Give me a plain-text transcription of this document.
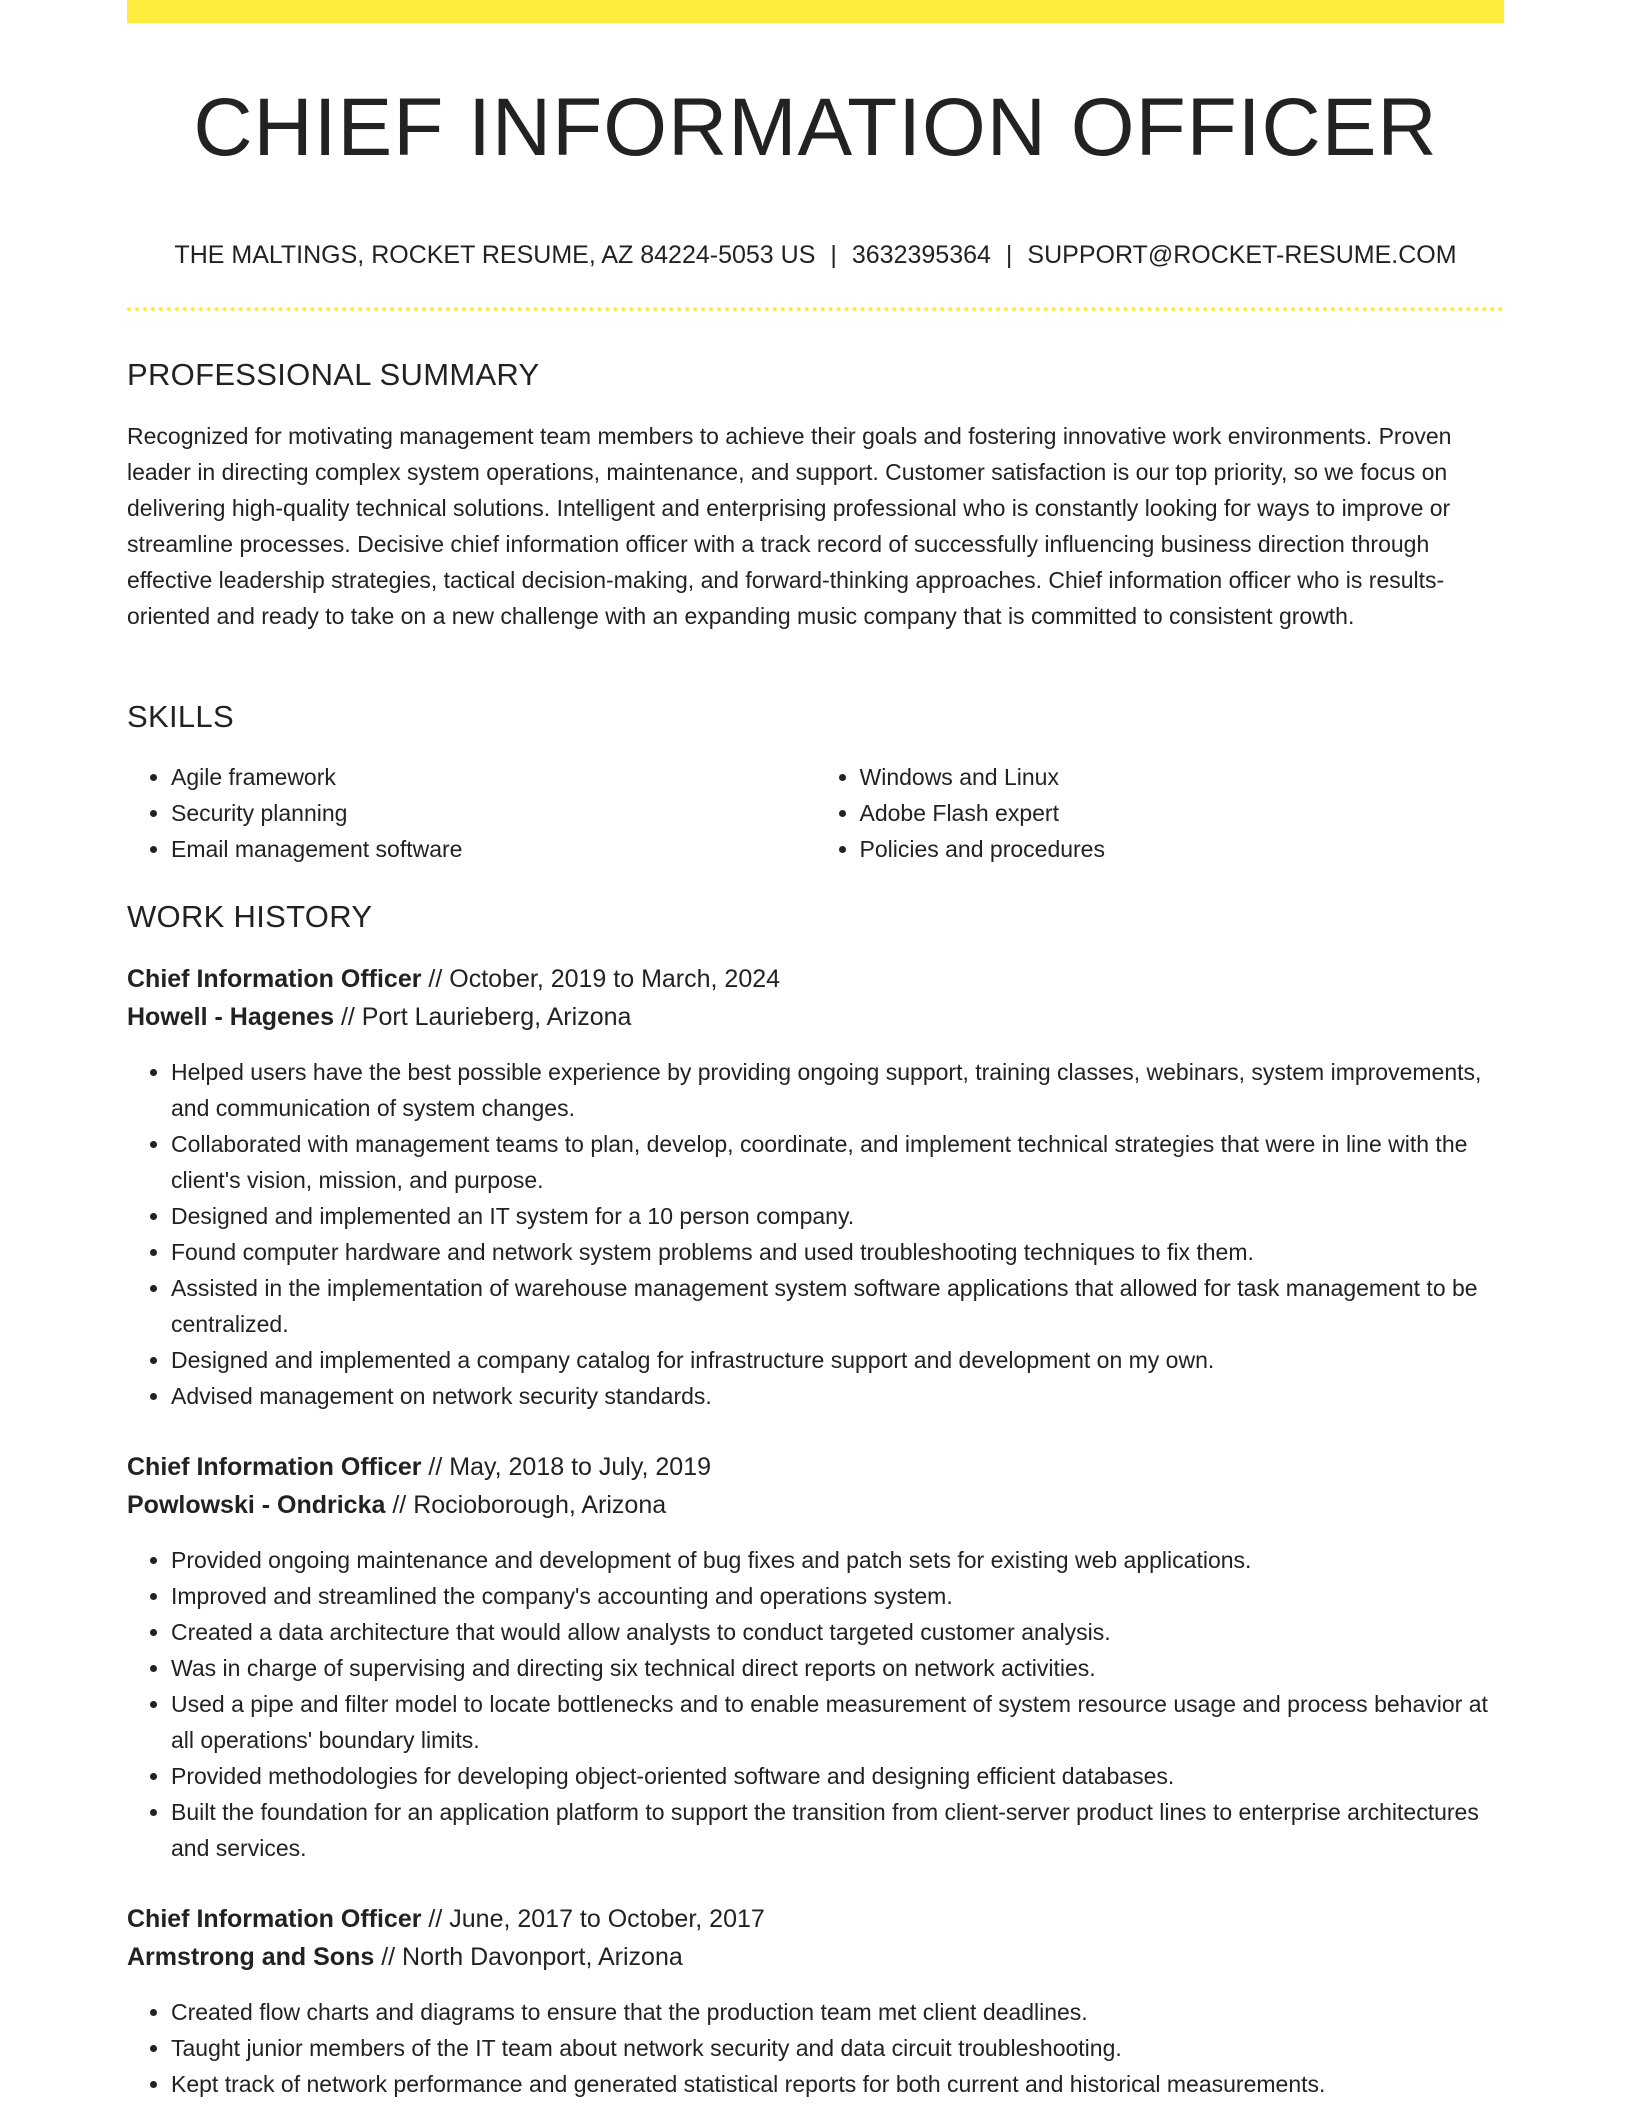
CHIEF INFORMATION OFFICER
THE MALTINGS, ROCKET RESUME, AZ 84224-5053 US | 3632395364 | SUPPORT@ROCKET-RESUME.COM
PROFESSIONAL SUMMARY

Recognized for motivating management team members to achieve their goals and fostering innovative work environments. Proven leader in directing complex system operations, maintenance, and support. Customer satisfaction is our top priority, so we focus on delivering high-quality technical solutions. Intelligent and enterprising professional who is constantly looking for ways to improve or streamline processes. Decisive chief information officer with a track record of successfully influencing business direction through effective leadership strategies, tactical decision-making, and forward-thinking approaches. Chief information officer who is results-oriented and ready to take on a new challenge with an expanding music company that is committed to consistent growth.

SKILLS
• Agile framework
• Security planning
• Email management software
• Windows and Linux
• Adobe Flash expert
• Policies and procedures
WORK HISTORY
Chief Information Officer // October, 2019 to March, 2024
Howell - Hagenes // Port Laurieberg, Arizona
• Helped users have the best possible experience by providing ongoing support, training classes, webinars, system improvements, and communication of system changes.
• Collaborated with management teams to plan, develop, coordinate, and implement technical strategies that were in line with the client's vision, mission, and purpose.
• Designed and implemented an IT system for a 10 person company.
• Found computer hardware and network system problems and used troubleshooting techniques to fix them.
• Assisted in the implementation of warehouse management system software applications that allowed for task management to be centralized.
• Designed and implemented a company catalog for infrastructure support and development on my own.
• Advised management on network security standards.
Chief Information Officer // May, 2018 to July, 2019
Powlowski - Ondricka // Rocioborough, Arizona
• Provided ongoing maintenance and development of bug fixes and patch sets for existing web applications.
• Improved and streamlined the company's accounting and operations system.
• Created a data architecture that would allow analysts to conduct targeted customer analysis.
• Was in charge of supervising and directing six technical direct reports on network activities.
• Used a pipe and filter model to locate bottlenecks and to enable measurement of system resource usage and process behavior at all operations' boundary limits.
• Provided methodologies for developing object-oriented software and designing efficient databases.
• Built the foundation for an application platform to support the transition from client-server product lines to enterprise architectures and services.
Chief Information Officer // June, 2017 to October, 2017
Armstrong and Sons // North Davonport, Arizona
• Created flow charts and diagrams to ensure that the production team met client deadlines.
• Taught junior members of the IT team about network security and data circuit troubleshooting.
• Kept track of network performance and generated statistical reports for both current and historical measurements.
